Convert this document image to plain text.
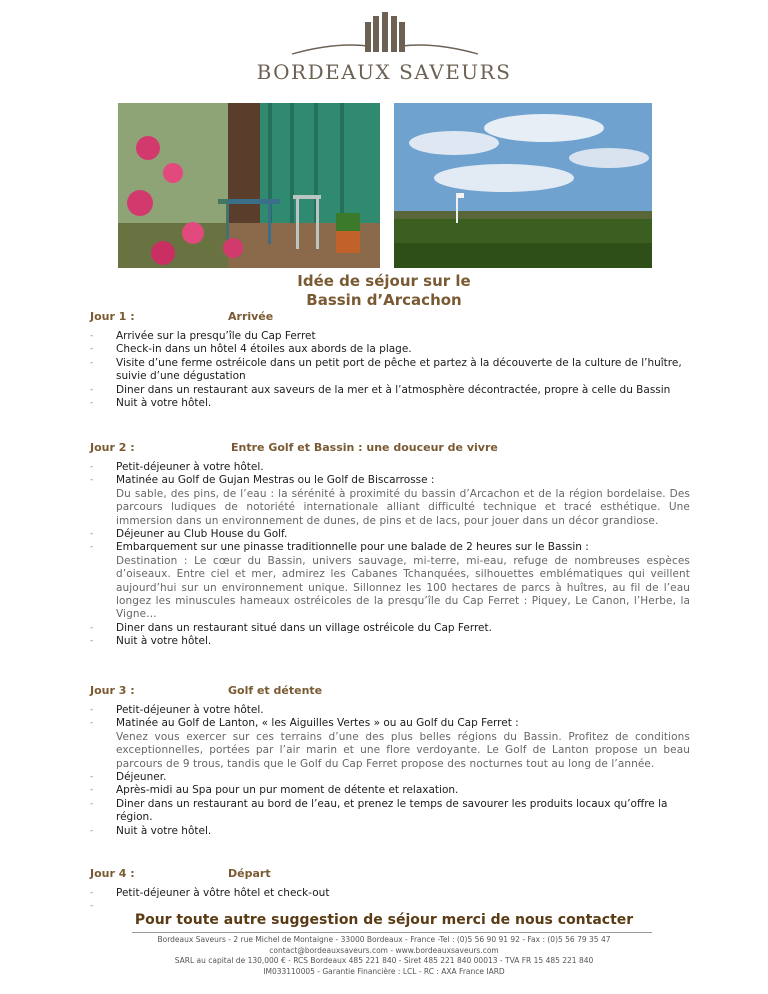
BORDEAUX SAVEURS
Idée de séjour sur le
Bassin d’Arcachon
Jour 1 :	Arrivée
- Arrivée sur la presqu’île du Cap Ferret
- Check-in dans un hôtel 4 étoiles aux abords de la plage.
- Visite d’une ferme ostréicole dans un petit port de pêche et partez à la découverte de la culture de l’huître, suivie d’une dégustation
- Diner dans un restaurant aux saveurs de la mer et à l’atmosphère décontractée, propre à celle du Bassin
- Nuit à votre hôtel.
Jour 2 :	Entre Golf et Bassin : une douceur de vivre
- Petit-déjeuner à votre hôtel.
- Matinée au Golf de Gujan Mestras ou le Golf de Biscarrosse :
Du sable, des pins, de l’eau : la sérénité à proximité du bassin d’Arcachon et de la région bordelaise. Des parcours ludiques de notoriété internationale alliant difficulté technique et tracé esthétique. Une immersion dans un environnement de dunes, de pins et de lacs, pour jouer dans un décor grandiose.
- Déjeuner au Club House du Golf.
- Embarquement sur une pinasse traditionnelle pour une balade de 2 heures sur le Bassin :
Destination : Le cœur du Bassin, univers sauvage, mi-terre, mi-eau, refuge de nombreuses espèces d’oiseaux. Entre ciel et mer, admirez les Cabanes Tchanquées, silhouettes emblématiques qui veillent aujourd’hui sur un environnement unique. Sillonnez les 100 hectares de parcs à huîtres, au fil de l’eau longez les minuscules hameaux ostréicoles de la presqu’île du Cap Ferret : Piquey, Le Canon, l’Herbe, la Vigne…
- Diner dans un restaurant situé dans un village ostréicole du Cap Ferret.
- Nuit à votre hôtel.
Jour 3 :	Golf et détente
- Petit-déjeuner à votre hôtel.
- Matinée au Golf de Lanton, « les Aiguilles Vertes » ou au Golf du Cap Ferret :
Venez vous exercer sur ces terrains d’une des plus belles régions du Bassin. Profitez de conditions exceptionnelles, portées par l’air marin et une flore verdoyante. Le Golf de Lanton propose un beau parcours de 9 trous, tandis que le Golf du Cap Ferret propose des nocturnes tout au long de l’année.
- Déjeuner.
- Après-midi au Spa pour un pur moment de détente et relaxation.
- Diner dans un restaurant au bord de l’eau, et prenez le temps de savourer les produits locaux qu’offre la région.
- Nuit à votre hôtel.
Jour 4 :	Départ
- Petit-déjeuner à vôtre hôtel et check-out
-
Pour toute autre suggestion de séjour merci de nous contacter
Bordeaux Saveurs - 2 rue Michel de Montaigne - 33000 Bordeaux - France -Tel : (0)5 56 90 91 92 - Fax : (0)5 56 79 35 47
contact@bordeauxsaveurs.com - www.bordeauxsaveurs.com
SARL au capital de 130,000 € - RCS Bordeaux 485 221 840 - Siret 485 221 840 00013 - TVA FR 15 485 221 840
IM033110005 - Garantie Financière : LCL - RC : AXA France IARD
